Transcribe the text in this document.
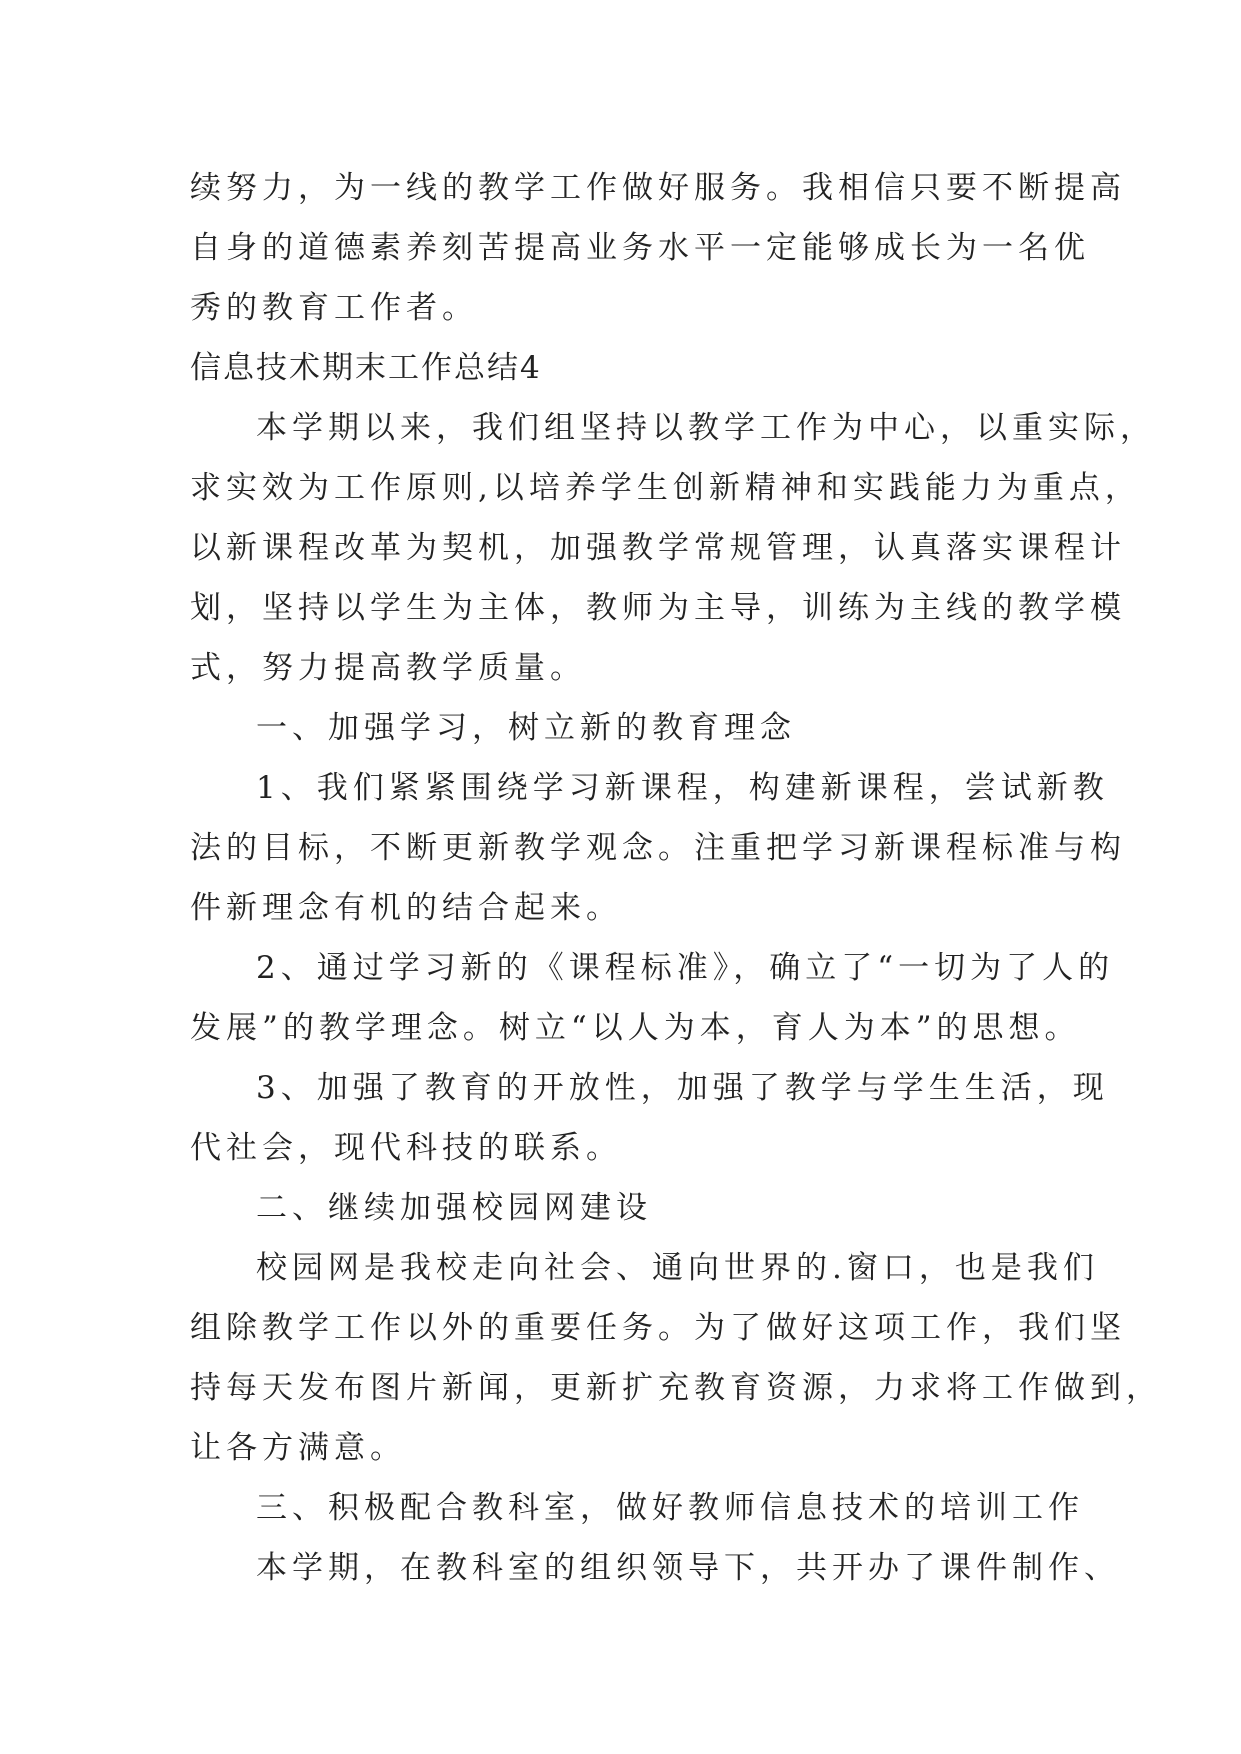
续努力，为一线的教学工作做好服务。我相信只要不断提高
自身的道德素养刻苦提高业务水平一定能够成长为一名优
秀的教育工作者。
信息技术期末工作总结4
本学期以来，我们组坚持以教学工作为中心，以重实际，
求实效为工作原则,以培养学生创新精神和实践能力为重点，
以新课程改革为契机，加强教学常规管理，认真落实课程计
划，坚持以学生为主体，教师为主导，训练为主线的教学模
式，努力提高教学质量。
一、加强学习，树立新的教育理念
1、我们紧紧围绕学习新课程，构建新课程，尝试新教
法的目标，不断更新教学观念。注重把学习新课程标准与构
件新理念有机的结合起来。
2、通过学习新的《课程标准》，确立了“一切为了人的
发展”的教学理念。树立“以人为本，育人为本”的思想。
3、加强了教育的开放性，加强了教学与学生生活，现
代社会，现代科技的联系。
二、继续加强校园网建设
校园网是我校走向社会、通向世界的.窗口，也是我们
组除教学工作以外的重要任务。为了做好这项工作，我们坚
持每天发布图片新闻，更新扩充教育资源，力求将工作做到，
让各方满意。
三、积极配合教科室，做好教师信息技术的培训工作
本学期，在教科室的组织领导下，共开办了课件制作、
